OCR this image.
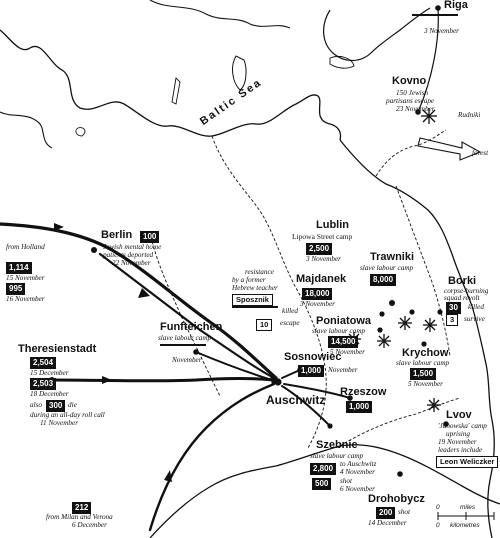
Baltic Sea
Riga
3 November
Kovno
150 Jewish
partisans escape
23 November
Rudniki
forest
Berlin	100
Jewish mental home
patients deported
22 November
from Holland
1,114
15 November
995
16 November
Lublin
Lipowa Street camp
2,500
3 November	Trawniki
slave labour camp
8,000
Majdanek
18,000
3 November
resistance
by a former
Hebrew teacher
Sposznik
killed
10	escape
Borki
corpse-burning
squad revolt
30	killed
3	survive
Poniatowa
slave labour camp
14,500
5 November	Krychow
slave labour camp
1,500
5 November
Theresienstadt
2,504
15 December
2,503
18 December
also 300 die
during an all-day roll call
11 November
Funfteichen
slave labour camp
November	Sosnowiec
1,000 November
Rzeszow
1,000
Auschwitz
Lvov
'Janowska' camp
uprising
19 November
leaders include
Leon Weliczker
Szebnie
slave labour camp
2,800 to Auschwitz
4 November
500	shot
6 November
Drohobycz
200 shot
14 December
212
from Milan and Verona
6 December
0	miles
0 kilometres
